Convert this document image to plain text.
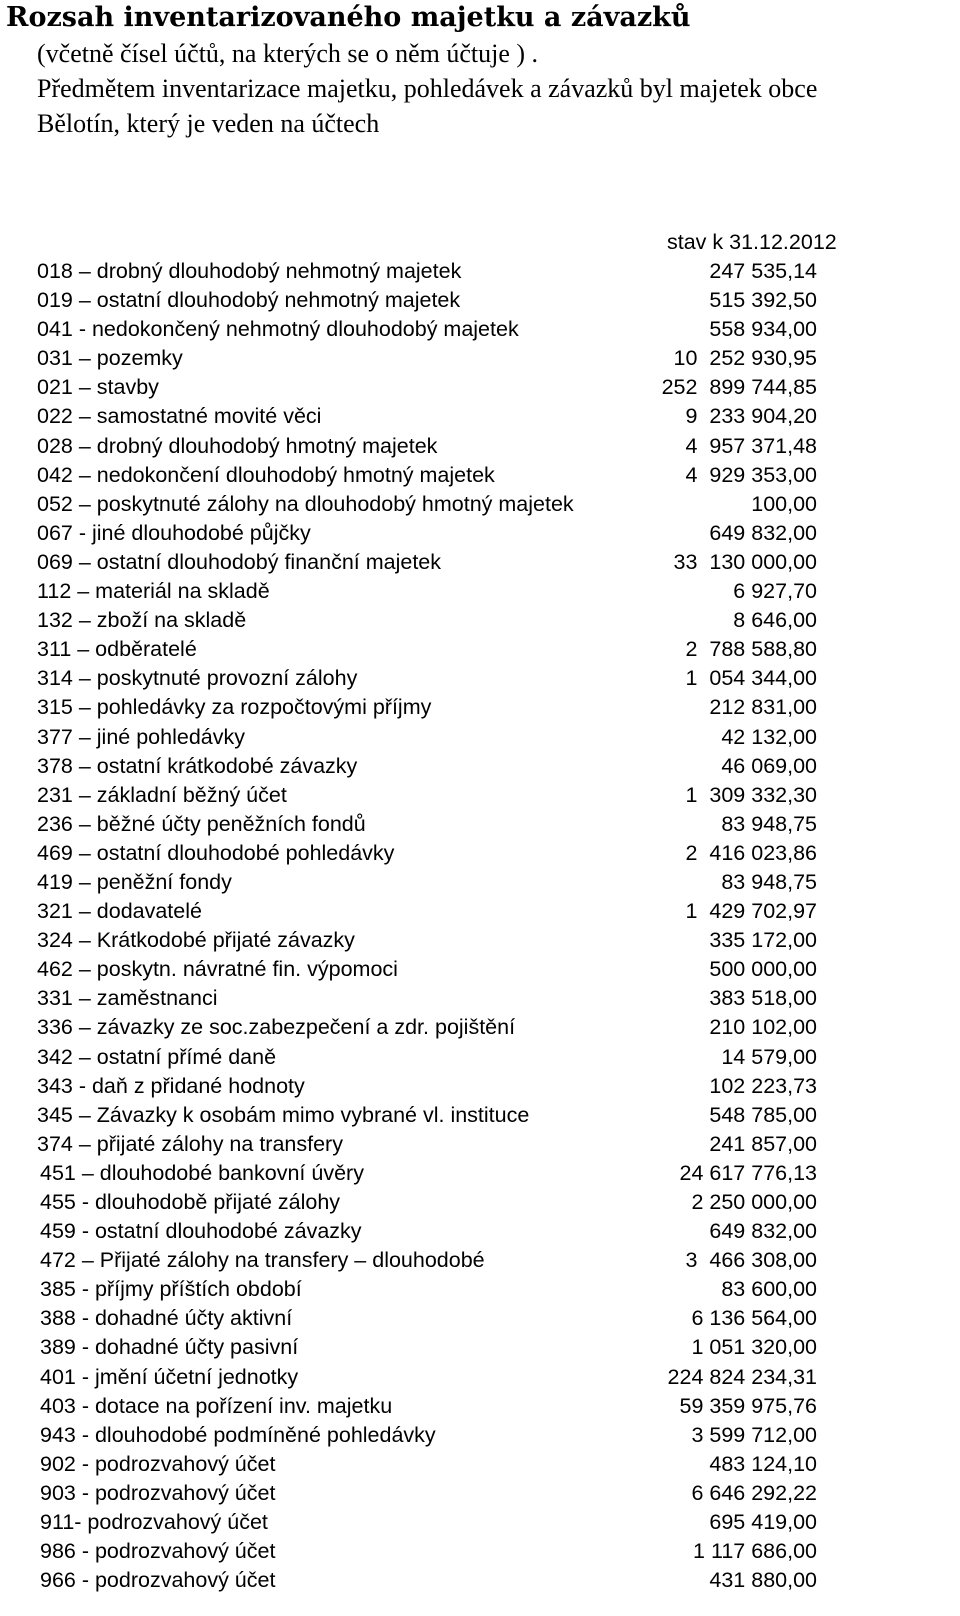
Rozsah inventarizovaného majetku a závazků

(včetně čísel účtů, na kterých se o něm účtuje ) .
Předmětem inventarizace majetku, pohledávek a závazků byl majetek obce
Bělotín, který je veden na účtech

stav k 31.12.2012
018 – drobný dlouhodobý nehmotný majetek	247 535,14
019 – ostatní dlouhodobý nehmotný majetek	515 392,50
041 - nedokončený nehmotný dlouhodobý majetek	558 934,00
031 – pozemky	10  252 930,95
021 – stavby	252  899 744,85
022 – samostatné movité věci	9  233 904,20
028 – drobný dlouhodobý hmotný majetek	4  957 371,48
042 – nedokončení dlouhodobý hmotný majetek	4  929 353,00
052 – poskytnuté zálohy na dlouhodobý hmotný majetek	100,00
067 - jiné dlouhodobé půjčky	649 832,00
069 – ostatní dlouhodobý finanční majetek	33  130 000,00
112 – materiál na skladě	6 927,70
132 – zboží na skladě	8 646,00
311 – odběratelé	2  788 588,80
314 – poskytnuté provozní zálohy	1  054 344,00
315 – pohledávky za rozpočtovými příjmy	212 831,00
377 – jiné pohledávky	42 132,00
378 – ostatní krátkodobé závazky	46 069,00
231 – základní běžný účet	1  309 332,30
236 – běžné účty peněžních fondů	83 948,75
469 – ostatní dlouhodobé pohledávky	2  416 023,86
419 – peněžní fondy	83 948,75
321 – dodavatelé	1  429 702,97
324 – Krátkodobé přijaté závazky	335 172,00
462 – poskytn. návratné fin. výpomoci	500 000,00
331 – zaměstnanci	383 518,00
336 – závazky ze soc.zabezpečení a zdr. pojištění	210 102,00
342 – ostatní přímé daně	14 579,00
343 - daň z přidané hodnoty	102 223,73
345 – Závazky k osobám mimo vybrané vl. instituce	548 785,00
374 – přijaté zálohy na transfery	241 857,00
451 – dlouhodobé bankovní úvěry	24 617 776,13
455 - dlouhodobě přijaté zálohy	2 250 000,00
459 - ostatní dlouhodobé závazky	649 832,00
472 – Přijaté zálohy na transfery – dlouhodobé	3  466 308,00
385 - příjmy příštích období	83 600,00
388 - dohadné účty aktivní	6 136 564,00
389 - dohadné účty pasivní	1 051 320,00
401 - jmění účetní jednotky	224 824 234,31
403 - dotace na pořízení inv. majetku	59 359 975,76
943 - dlouhodobé podmíněné pohledávky	3 599 712,00
902 - podrozvahový účet	483 124,10
903 - podrozvahový účet	6 646 292,22
911- podrozvahový účet	695 419,00
986 - podrozvahový účet	1 117 686,00
966 - podrozvahový účet	431 880,00
